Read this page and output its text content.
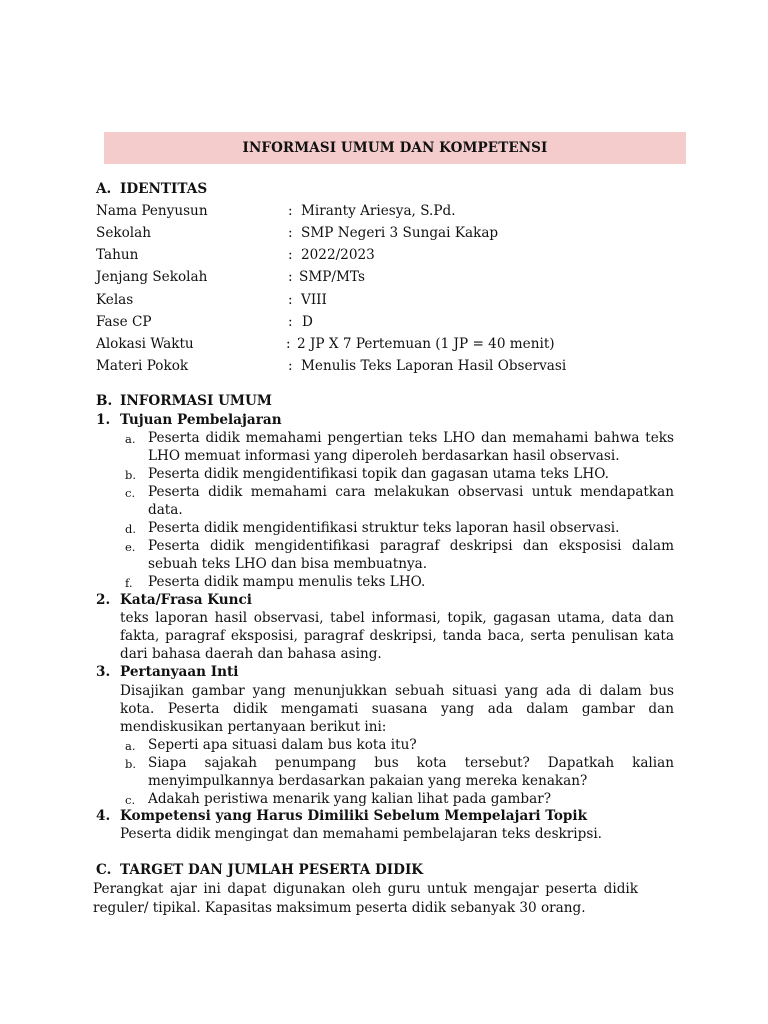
INFORMASI UMUM DAN KOMPETENSI
A. IDENTITAS
Nama Penyusun	: Miranty Ariesya, S.Pd.
Sekolah	: SMP Negeri 3 Sungai Kakap
Tahun	: 2022/2023
Jenjang Sekolah	: SMP/MTs
Kelas	: VIII
Fase CP	: D
Alokasi Waktu	: 2 JP X 7 Pertemuan (1 JP = 40 menit)
Materi Pokok	: Menulis Teks Laporan Hasil Observasi
B. INFORMASI UMUM
1. Tujuan Pembelajaran
a. Peserta didik memahami pengertian teks LHO dan memahami bahwa teks
LHO memuat informasi yang diperoleh berdasarkan hasil observasi.
b. Peserta didik mengidentifikasi topik dan gagasan utama teks LHO.
c. Peserta didik memahami cara melakukan observasi untuk mendapatkan
data.
d. Peserta didik mengidentifikasi struktur teks laporan hasil observasi.
e. Peserta didik mengidentifikasi paragraf deskripsi dan eksposisi dalam
sebuah teks LHO dan bisa membuatnya.
f. Peserta didik mampu menulis teks LHO.
2. Kata/Frasa Kunci
teks laporan hasil observasi, tabel informasi, topik, gagasan utama, data dan
fakta, paragraf eksposisi, paragraf deskripsi, tanda baca, serta penulisan kata
dari bahasa daerah dan bahasa asing.
3. Pertanyaan Inti
Disajikan gambar yang menunjukkan sebuah situasi yang ada di dalam bus
kota. Peserta didik mengamati suasana yang ada dalam gambar dan
mendiskusikan pertanyaan berikut ini:
a. Seperti apa situasi dalam bus kota itu?
b. Siapa sajakah penumpang bus kota tersebut? Dapatkah kalian
menyimpulkannya berdasarkan pakaian yang mereka kenakan?
c. Adakah peristiwa menarik yang kalian lihat pada gambar?
4. Kompetensi yang Harus Dimiliki Sebelum Mempelajari Topik
Peserta didik mengingat dan memahami pembelajaran teks deskripsi.
C. TARGET DAN JUMLAH PESERTA DIDIK
Perangkat ajar ini dapat digunakan oleh guru untuk mengajar peserta didik
reguler/ tipikal. Kapasitas maksimum peserta didik sebanyak 30 orang.
